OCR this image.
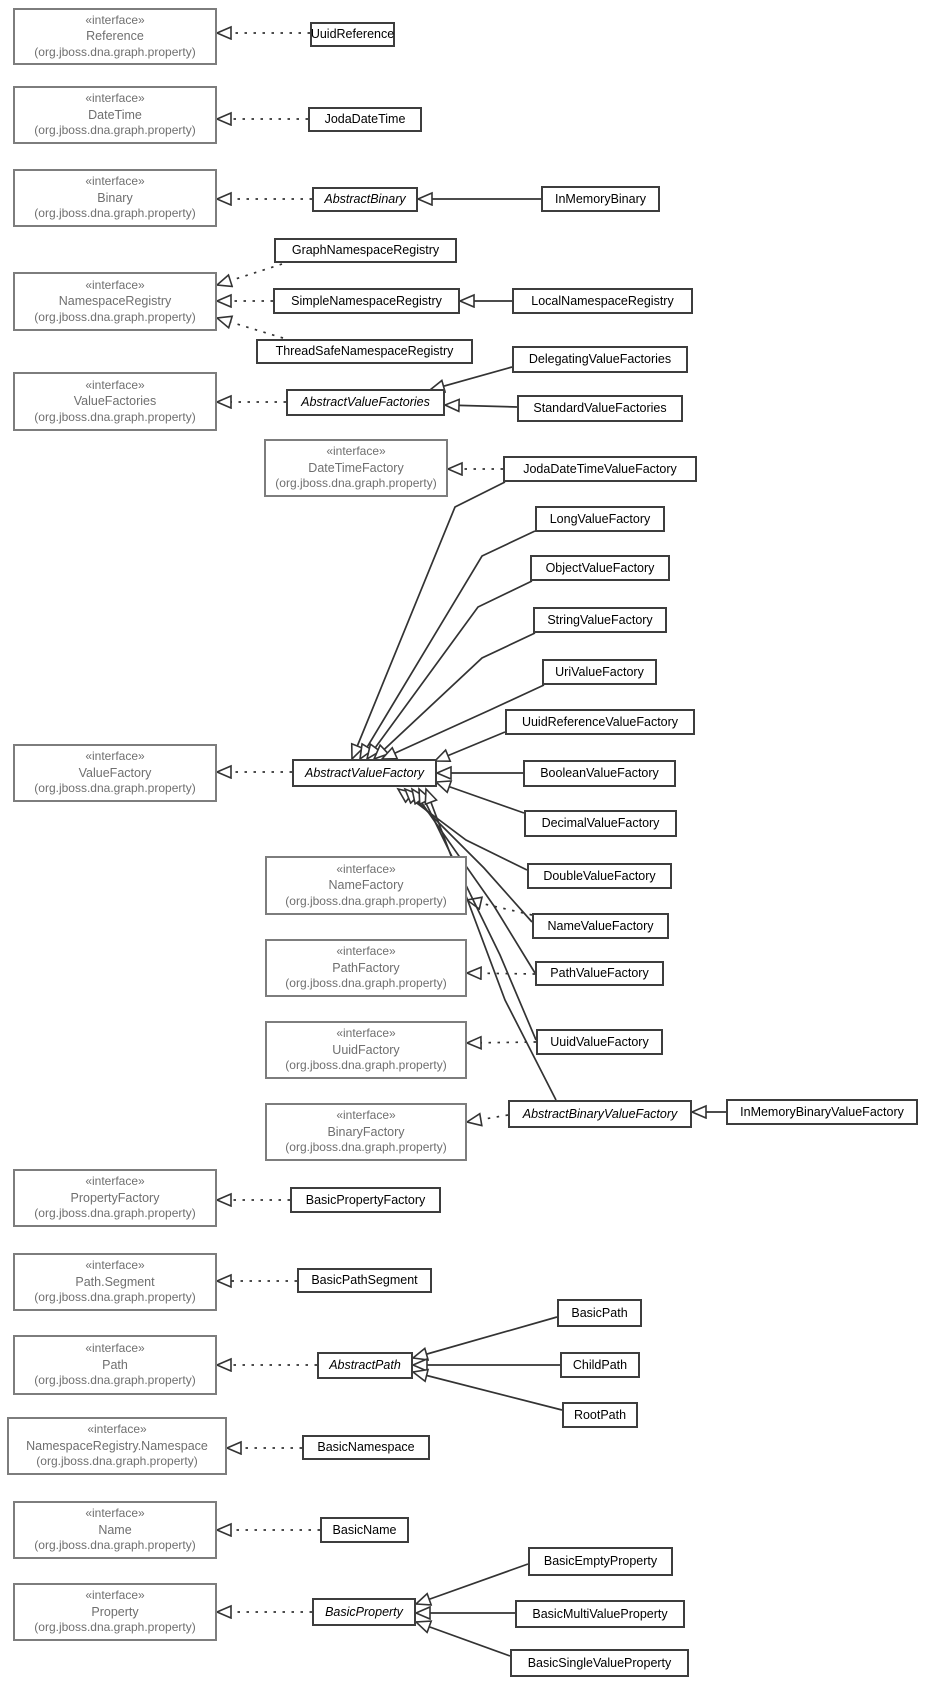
«interface»
Reference
(org.jboss.dna.graph.property)
«interface»
DateTime
(org.jboss.dna.graph.property)
«interface»
Binary
(org.jboss.dna.graph.property)
«interface»
NamespaceRegistry
(org.jboss.dna.graph.property)
«interface»
ValueFactories
(org.jboss.dna.graph.property)
«interface»
DateTimeFactory
(org.jboss.dna.graph.property)
«interface»
ValueFactory
(org.jboss.dna.graph.property)
«interface»
NameFactory
(org.jboss.dna.graph.property)
«interface»
PathFactory
(org.jboss.dna.graph.property)
«interface»
UuidFactory
(org.jboss.dna.graph.property)
«interface»
BinaryFactory
(org.jboss.dna.graph.property)
«interface»
PropertyFactory
(org.jboss.dna.graph.property)
«interface»
Path.Segment
(org.jboss.dna.graph.property)
«interface»
Path
(org.jboss.dna.graph.property)
«interface»
NamespaceRegistry.Namespace
(org.jboss.dna.graph.property)
«interface»
Name
(org.jboss.dna.graph.property)
«interface»
Property
(org.jboss.dna.graph.property)
UuidReference
JodaDateTime
AbstractBinary	InMemoryBinary
GraphNamespaceRegistry
SimpleNamespaceRegistry	LocalNamespaceRegistry
ThreadSafeNamespaceRegistry
AbstractValueFactories
DelegatingValueFactories
StandardValueFactories
JodaDateTimeValueFactory
LongValueFactory
ObjectValueFactory
StringValueFactory
UriValueFactory
UuidReferenceValueFactory
AbstractValueFactory	BooleanValueFactory
DecimalValueFactory
DoubleValueFactory
NameValueFactory
PathValueFactory
UuidValueFactory
AbstractBinaryValueFactory	InMemoryBinaryValueFactory
BasicPropertyFactory
BasicPathSegment
AbstractPath
BasicPath
ChildPath
RootPath
BasicNamespace
BasicName
BasicProperty
BasicEmptyProperty
BasicMultiValueProperty
BasicSingleValueProperty
